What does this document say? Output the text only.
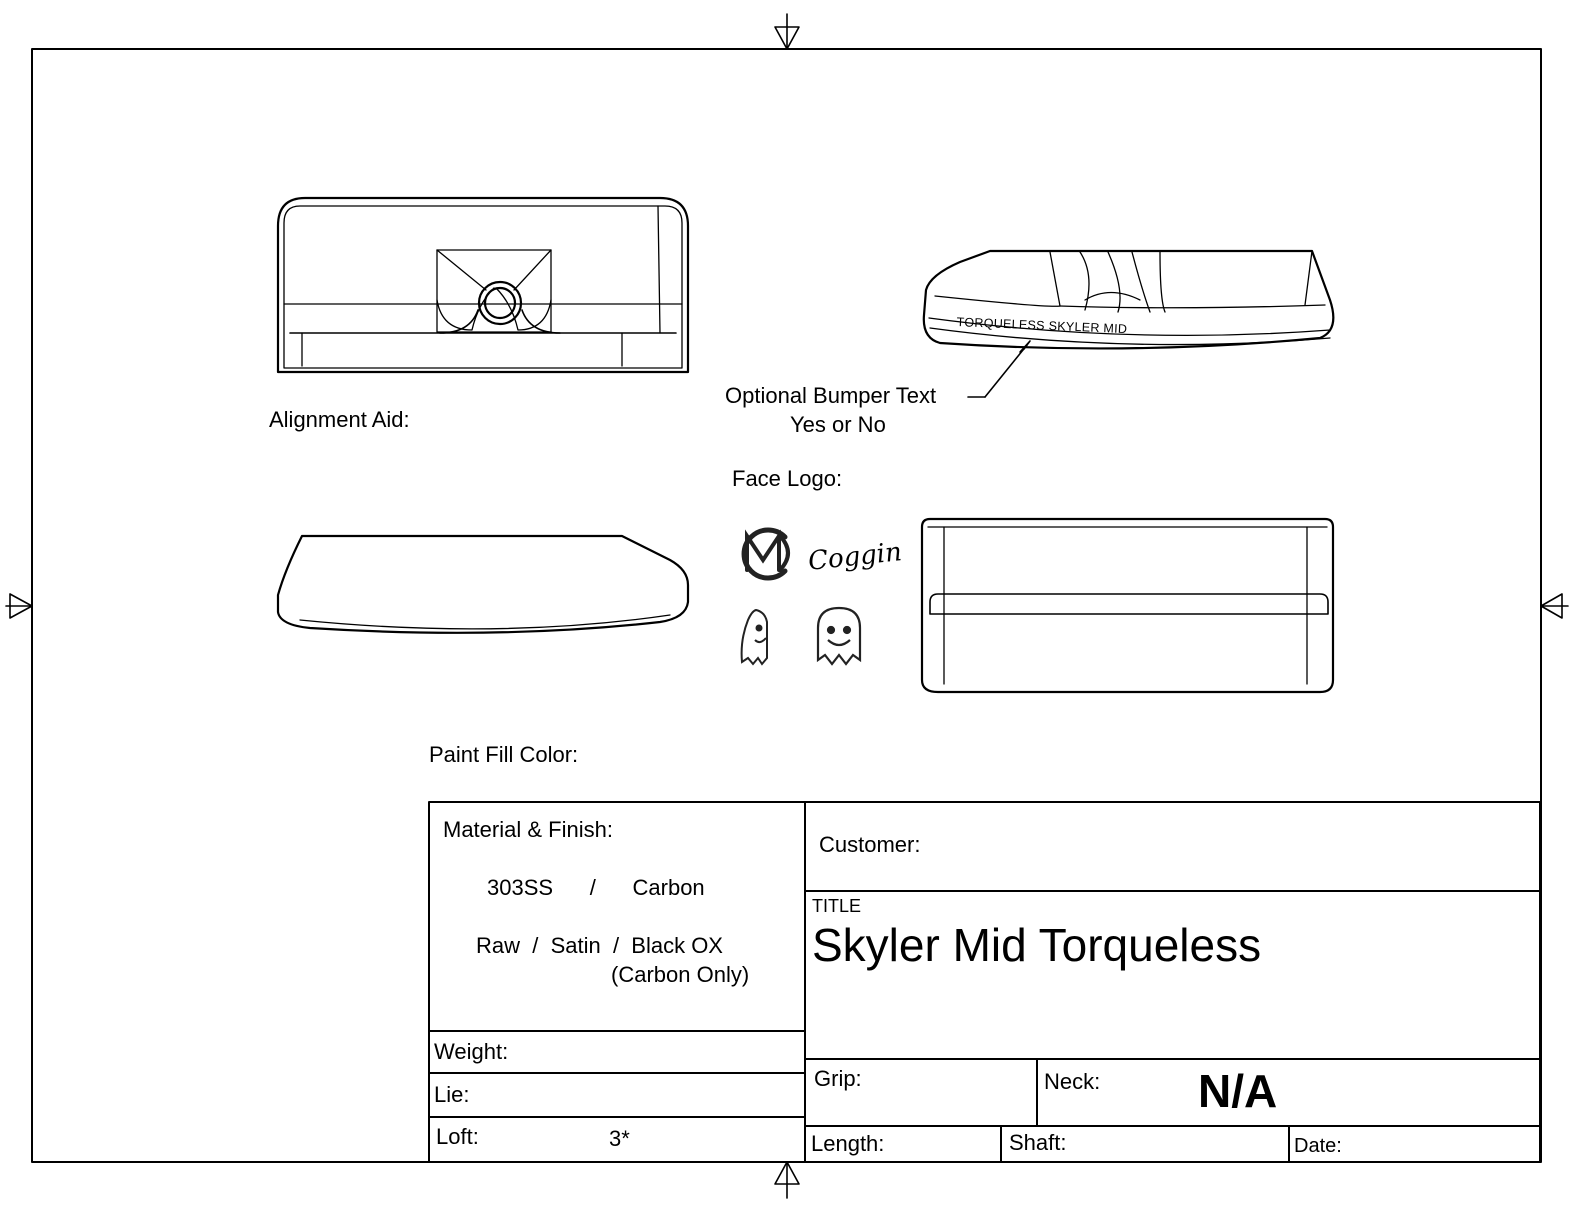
Alignment Aid:
Optional Bumper Text
Yes or No
Face Logo:
Paint Fill Color:
TORQUELESS SKYLER MID
Coggin
Material & Finish:
303SS      /      Carbon
Raw  /  Satin  /  Black OX
(Carbon Only)
Customer:
TITLE
Skyler Mid Torqueless
Weight:
Lie:
Loft:	3*
Grip:	Neck: N/A
Length:	Shaft:	Date:
